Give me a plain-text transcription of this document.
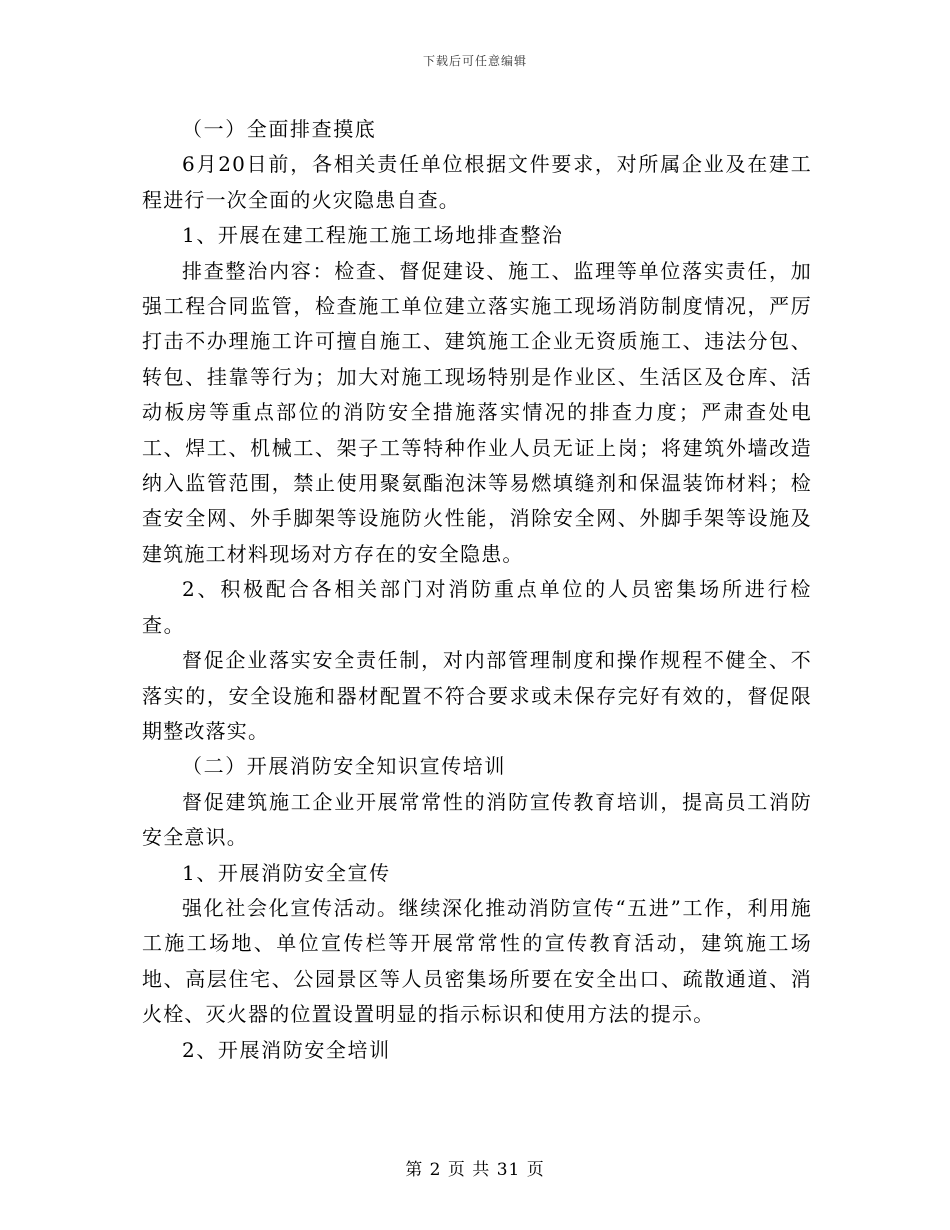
下载后可任意编辑

（一）全面排查摸底

6月20日前，各相关责任单位根据文件要求，对所属企业及在建工程进行一次全面的火灾隐患自查。

1、开展在建工程施工施工场地排查整治

排查整治内容：检查、督促建设、施工、监理等单位落实责任，加强工程合同监管，检查施工单位建立落实施工现场消防制度情况，严厉打击不办理施工许可擅自施工、建筑施工企业无资质施工、违法分包、转包、挂靠等行为；加大对施工现场特别是作业区、生活区及仓库、活动板房等重点部位的消防安全措施落实情况的排查力度；严肃查处电工、焊工、机械工、架子工等特种作业人员无证上岗；将建筑外墙改造纳入监管范围，禁止使用聚氨酯泡沫等易燃填缝剂和保温装饰材料；检查安全网、外手脚架等设施防火性能，消除安全网、外脚手架等设施及建筑施工材料现场对方存在的安全隐患。

2、积极配合各相关部门对消防重点单位的人员密集场所进行检查。

督促企业落实安全责任制，对内部管理制度和操作规程不健全、不落实的，安全设施和器材配置不符合要求或未保存完好有效的，督促限期整改落实。

（二）开展消防安全知识宣传培训

督促建筑施工企业开展常常性的消防宣传教育培训，提高员工消防安全意识。

1、开展消防安全宣传

强化社会化宣传活动。继续深化推动消防宣传“五进”工作，利用施工施工场地、单位宣传栏等开展常常性的宣传教育活动，建筑施工场地、高层住宅、公园景区等人员密集场所要在安全出口、疏散通道、消火栓、灭火器的位置设置明显的指示标识和使用方法的提示。

2、开展消防安全培训

第 2 页 共 31 页
